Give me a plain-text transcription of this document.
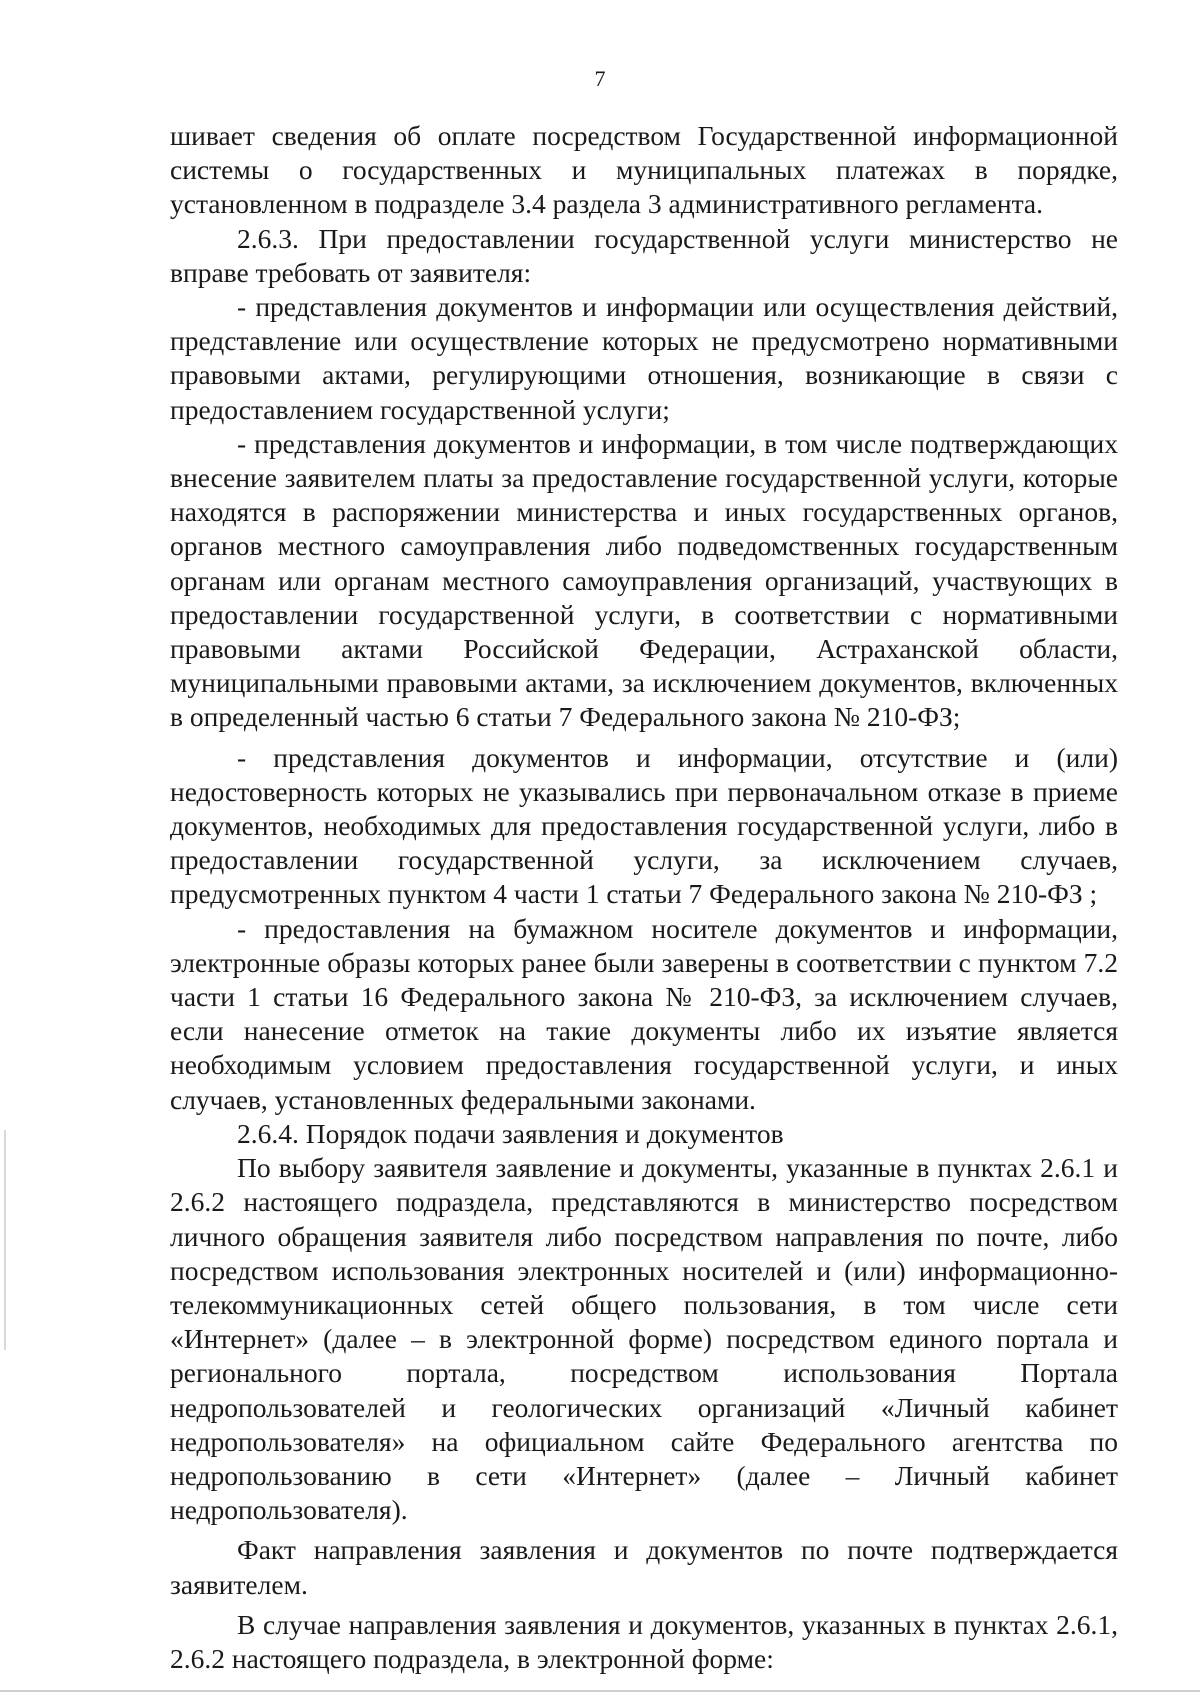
7

шивает сведения об оплате посредством Государственной информационной системы о государственных и муниципальных платежах в порядке, установленном в подразделе 3.4 раздела 3 административного регламента.

2.6.3. При предоставлении государственной услуги министерство не вправе требовать от заявителя:

- представления документов и информации или осуществления действий, представление или осуществление которых не предусмотрено нормативными правовыми актами, регулирующими отношения, возникающие в связи с предоставлением государственной услуги;

- представления документов и информации, в том числе подтверждающих внесение заявителем платы за предоставление государственной услуги, которые находятся в распоряжении министерства и иных государственных органов, органов местного самоуправления либо подведомственных государственным органам или органам местного самоуправления организаций, участвующих в предоставлении государственной услуги, в соответствии с нормативными правовыми актами Российской Федерации, Астраханской области, муниципальными правовыми актами, за исключением документов, включенных в определенный частью 6 статьи 7 Федерального закона № 210-ФЗ;

- представления документов и информации, отсутствие и (или) недостоверность которых не указывались при первоначальном отказе в приеме документов, необходимых для предоставления государственной услуги, либо в предоставлении государственной услуги, за исключением случаев, предусмотренных пунктом 4 части 1 статьи 7 Федерального закона № 210-ФЗ ;

- предоставления на бумажном носителе документов и информации, электронные образы которых ранее были заверены в соответствии с пунктом 7.2 части 1 статьи 16 Федерального закона № 210-ФЗ, за исключением случаев, если нанесение отметок на такие документы либо их изъятие является необходимым условием предоставления государственной услуги, и иных случаев, установленных федеральными законами.

2.6.4. Порядок подачи заявления и документов

По выбору заявителя заявление и документы, указанные в пунктах 2.6.1 и 2.6.2 настоящего подраздела, представляются в министерство посредством личного обращения заявителя либо посредством направления по почте, либо посредством использования электронных носителей и (или) информационно-телекоммуникационных сетей общего пользования, в том числе сети «Интернет» (далее – в электронной форме) посредством единого портала и регионального портала, посредством использования Портала недропользователей и геологических организаций «Личный кабинет недропользователя» на официальном сайте Федерального агентства по недропользованию в сети «Интернет» (далее – Личный кабинет недропользователя).

Факт направления заявления и документов по почте подтверждается заявителем.

В случае направления заявления и документов, указанных в пунктах 2.6.1, 2.6.2 настоящего подраздела, в электронной форме:
